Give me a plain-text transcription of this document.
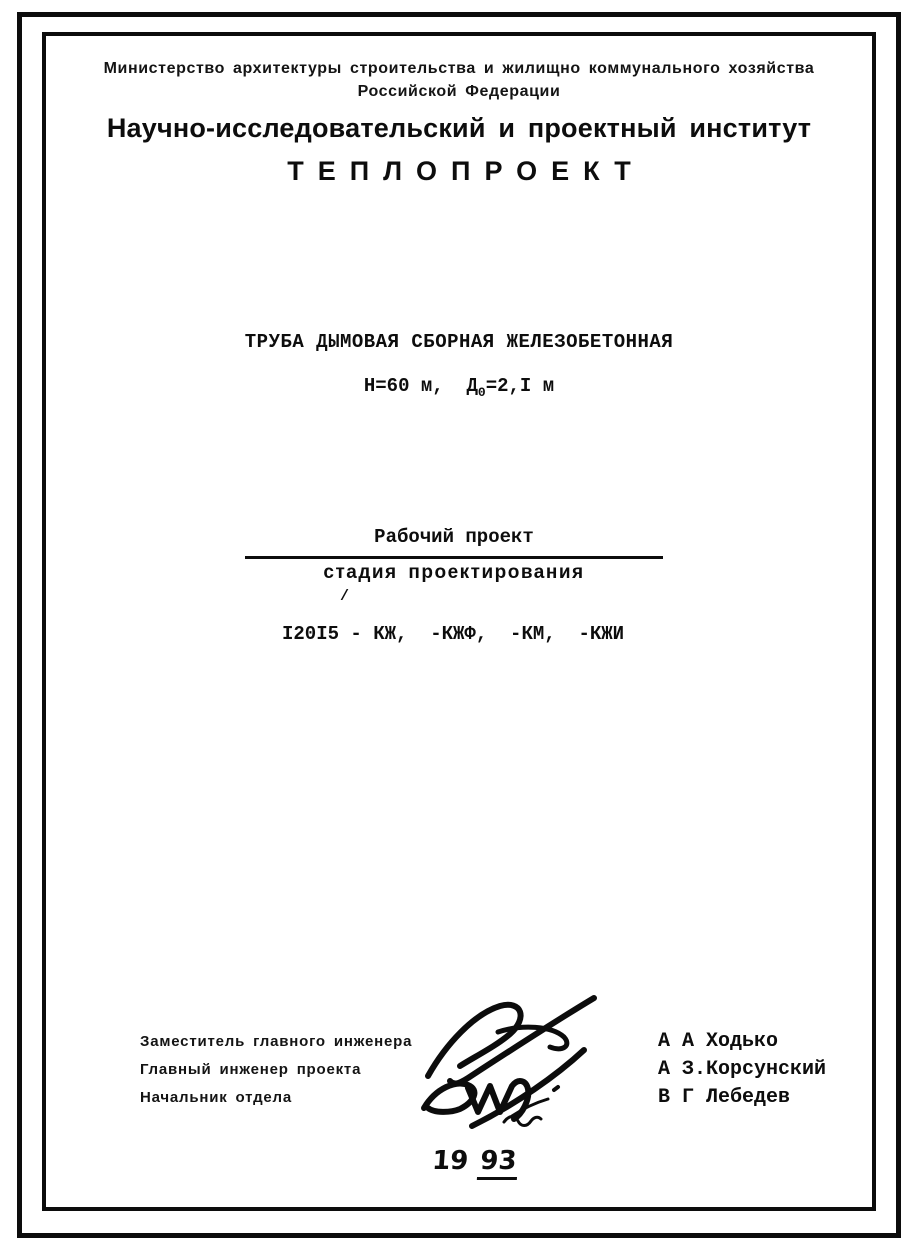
Министерство архитектуры строительства и жилищно коммунального хозяйства
Российской Федерации
Научно-исследовательский и проектный институт
ТЕПЛОПРОЕКТ
ТРУБА ДЫМОВАЯ СБОРНАЯ ЖЕЛЕЗОБЕТОННАЯ
Н=60 м,  $Д_0=2,I$ м
Рабочий проект
стадия проектирования
/
I20I5 - КЖ,  -КЖФ,  -КМ,  -КЖИ
Заместитель главного инженера
Главный инженер проекта
Начальник отдела
А А Ходько
А З.Корсунский
В Г Лебедев
19 93
